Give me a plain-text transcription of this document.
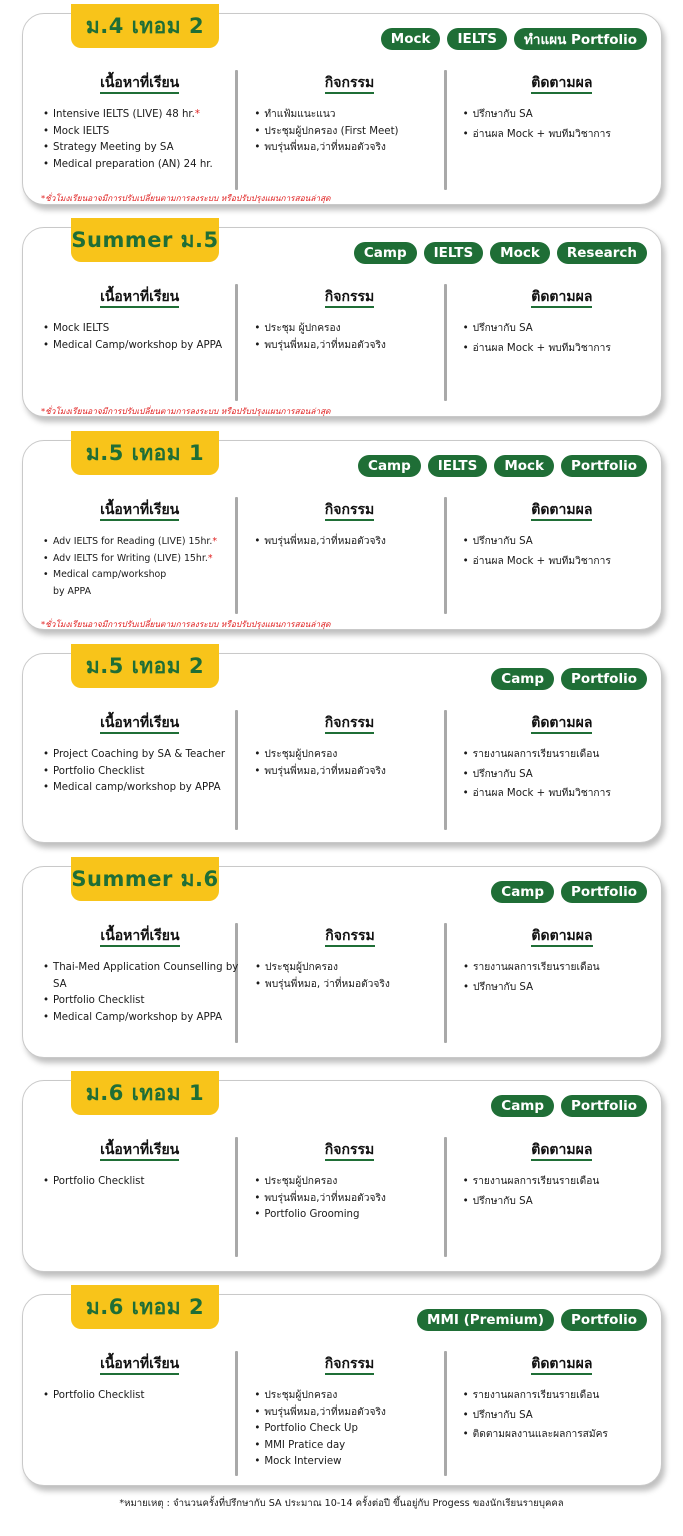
ม.4 เทอม 2
Mock	IELTS	ทำแผน Portfolio
เนื้อหาที่เรียน
• Intensive IELTS (LIVE) 48 hr.*
• Mock IELTS
• Strategy Meeting by SA
• Medical preparation (AN) 24 hr.
กิจกรรม
• ทำแฟ้มแนะแนว
• ประชุมผู้ปกครอง (First Meet)
• พบรุ่นพี่หมอ,ว่าที่หมอตัวจริง
ติดตามผล
• ปรึกษากับ SA
• อ่านผล Mock + พบทีมวิชาการ
*ชั่วโมงเรียนอาจมีการปรับเปลี่ยนตามการลงระบบ หรือปรับปรุงแผนการสอนล่าสุด
Summer ม.5
Camp	IELTS	Mock	Research
เนื้อหาที่เรียน
• Mock IELTS
• Medical Camp/workshop by APPA
กิจกรรม
• ประชุม ผู้ปกครอง
• พบรุ่นพี่หมอ,ว่าที่หมอตัวจริง
ติดตามผล
• ปรึกษากับ SA
• อ่านผล Mock + พบทีมวิชาการ
*ชั่วโมงเรียนอาจมีการปรับเปลี่ยนตามการลงระบบ หรือปรับปรุงแผนการสอนล่าสุด
ม.5 เทอม 1
Camp	IELTS	Mock	Portfolio
เนื้อหาที่เรียน
• Adv IELTS for Reading (LIVE) 15hr.*
• Adv IELTS for Writing (LIVE) 15hr.*
• Medical camp/workshop by APPA
กิจกรรม
• พบรุ่นพี่หมอ,ว่าที่หมอตัวจริง
ติดตามผล
• ปรึกษากับ SA
• อ่านผล Mock + พบทีมวิชาการ
*ชั่วโมงเรียนอาจมีการปรับเปลี่ยนตามการลงระบบ หรือปรับปรุงแผนการสอนล่าสุด
ม.5 เทอม 2
Camp	Portfolio
เนื้อหาที่เรียน
• Project Coaching by SA & Teacher
• Portfolio Checklist
• Medical camp/workshop by APPA
กิจกรรม
• ประชุมผู้ปกครอง
• พบรุ่นพี่หมอ,ว่าที่หมอตัวจริง
ติดตามผล
• รายงานผลการเรียนรายเดือน
• ปรึกษากับ SA
• อ่านผล Mock + พบทีมวิชาการ
Summer ม.6
Camp	Portfolio
เนื้อหาที่เรียน
• Thai-Med Application Counselling by SA
• Portfolio Checklist
• Medical Camp/workshop by APPA
กิจกรรม
• ประชุมผู้ปกครอง
• พบรุ่นพี่หมอ, ว่าที่หมอตัวจริง
ติดตามผล
• รายงานผลการเรียนรายเดือน
• ปรึกษากับ SA
ม.6 เทอม 1
Camp	Portfolio
เนื้อหาที่เรียน
• Portfolio Checklist
กิจกรรม
• ประชุมผู้ปกครอง
• พบรุ่นพี่หมอ,ว่าที่หมอตัวจริง
• Portfolio Grooming
ติดตามผล
• รายงานผลการเรียนรายเดือน
• ปรึกษากับ SA
ม.6 เทอม 2
MMI (Premium)	Portfolio
เนื้อหาที่เรียน
• Portfolio Checklist
กิจกรรม
• ประชุมผู้ปกครอง
• พบรุ่นพี่หมอ,ว่าที่หมอตัวจริง
• Portfolio Check Up
• MMI Pratice day
• Mock Interview
ติดตามผล
• รายงานผลการเรียนรายเดือน
• ปรึกษากับ SA
• ติดตามผลงานและผลการสมัคร
*หมายเหตุ : จำนวนครั้งที่ปรึกษากับ SA ประมาณ 10-14 ครั้งต่อปี ขึ้นอยู่กับ Progess ของนักเรียนรายบุคคล
